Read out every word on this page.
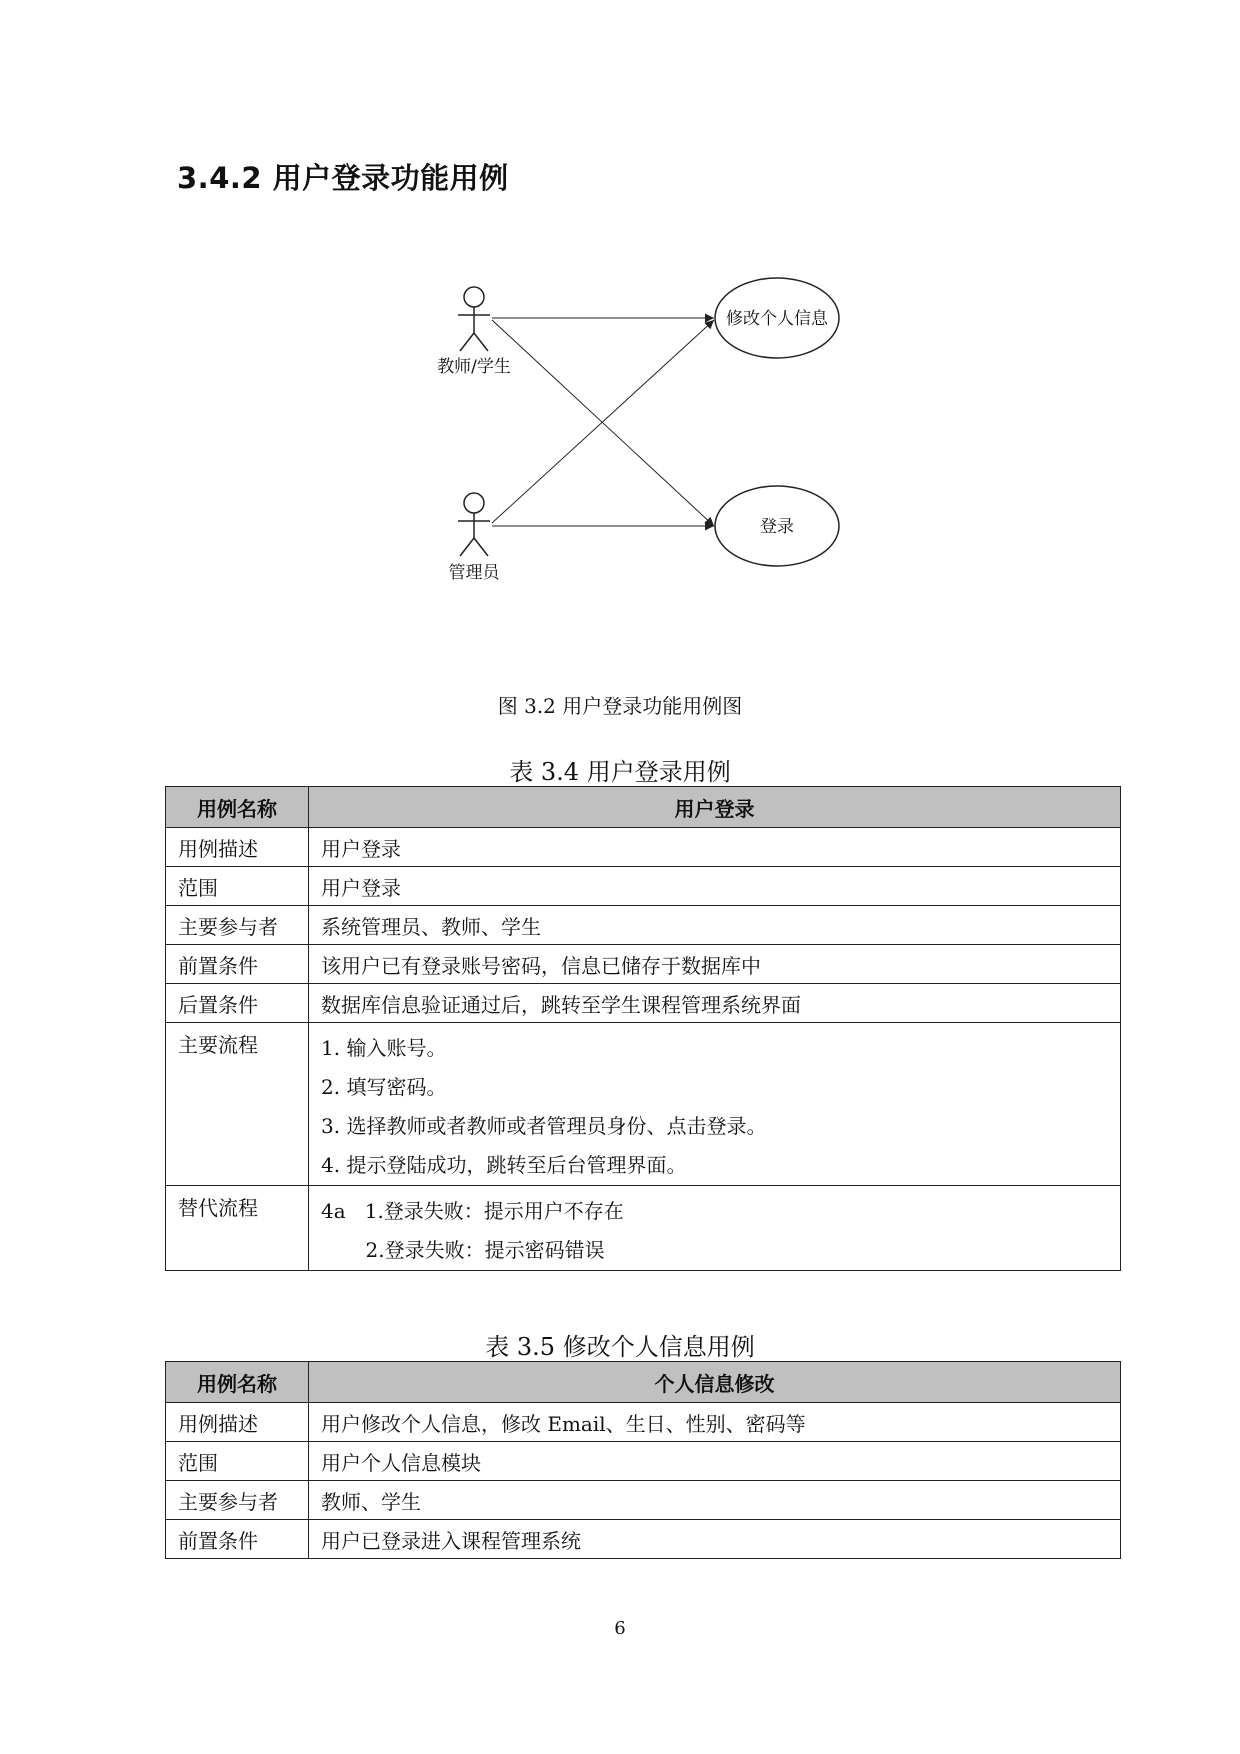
3.4.2 用户登录功能用例
教师/学生
管理员
修改个人信息
登录
图 3.2 用户登录功能用例图
表 3.4 用户登录用例
用例名称	用户登录
用例描述	用户登录

范围	用户登录

主要参与者	系统管理员、教师、学生

前置条件	该用户已有登录账号密码，信息已储存于数据库中

后置条件	数据库信息验证通过后，跳转至学生课程管理系统界面

主要流程	1. 输入账号。
2. 填写密码。
3. 选择教师或者教师或者管理员身份、点击登录。
4. 提示登陆成功，跳转至后台管理界面。

替代流程	4a   1.登录失败：提示用户不存在
2.登录失败：提示密码错误
表 3.5 修改个人信息用例
用例名称	个人信息修改
用例描述	用户修改个人信息，修改 Email、生日、性别、密码等

范围	用户个人信息模块

主要参与者	教师、学生

前置条件	用户已登录进入课程管理系统
6
